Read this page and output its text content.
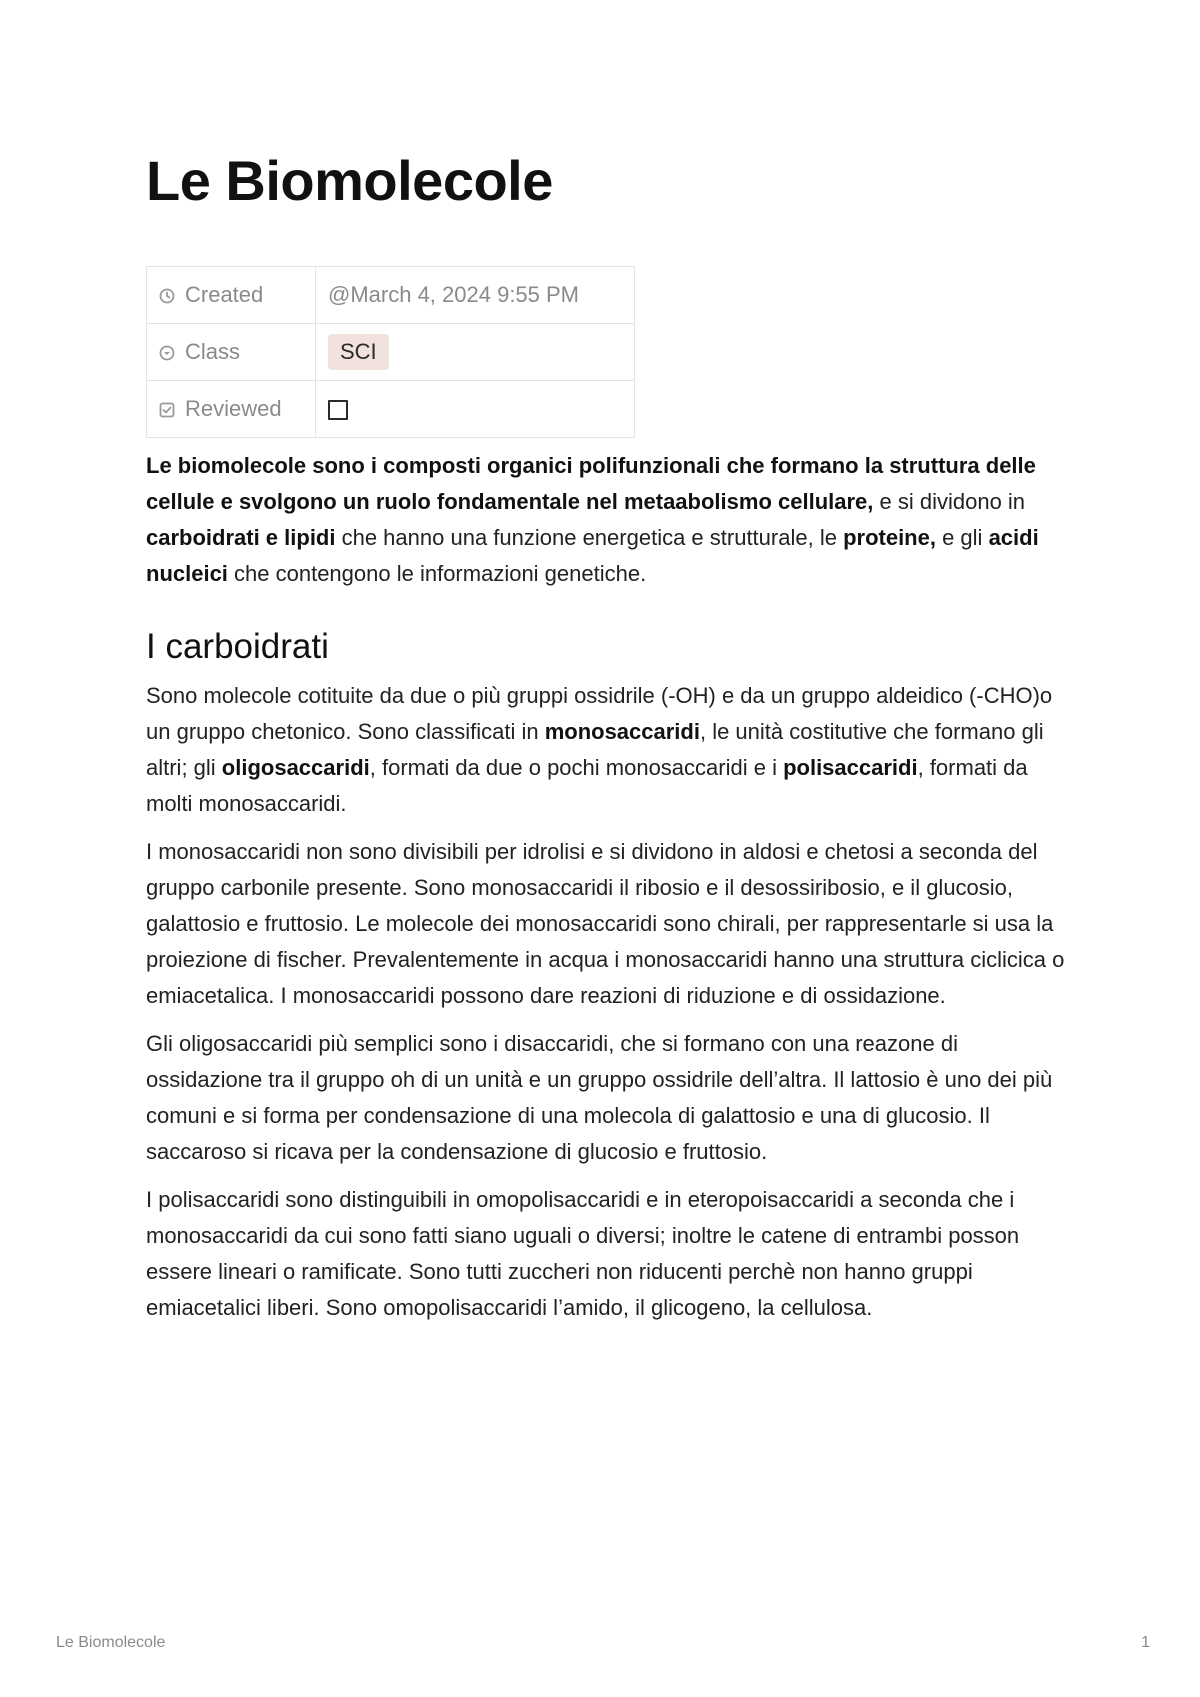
Le Biomolecole
Created	@March 4, 2024 9:55 PM
Class	SCI
Reviewed	

Le biomolecole sono i composti organici polifunzionali che formano la struttura delle cellule e svolgono un ruolo fondamentale nel metaabolismo cellulare, e si dividono in carboidrati e lipidi che hanno una funzione energetica e strutturale, le proteine, e gli acidi nucleici che contengono le informazioni genetiche.

I carboidrati

Sono molecole cotituite da due o più gruppi ossidrile (-OH) e da un gruppo aldeidico (-CHO)o un gruppo chetonico. Sono classificati in monosaccaridi, le unità costitutive che formano gli altri; gli oligosaccaridi, formati da due o pochi monosaccaridi e i polisaccaridi, formati da molti monosaccaridi.

I monosaccaridi non sono divisibili per idrolisi e si dividono in aldosi e chetosi a seconda del gruppo carbonile presente. Sono monosaccaridi il ribosio e il desossiribosio, e il glucosio, galattosio e fruttosio. Le molecole dei monosaccaridi sono chirali, per rappresentarle si usa la proiezione di fischer. Prevalentemente in acqua i monosaccaridi hanno una struttura ciclicica o emiacetalica. I monosaccaridi possono dare reazioni di riduzione e di ossidazione.

Gli oligosaccaridi più semplici sono i disaccaridi, che si formano con una reazone di ossidazione tra il gruppo oh di un unità e un gruppo ossidrile dell’altra. Il lattosio è uno dei più comuni e si forma per condensazione di una molecola di galattosio e una di glucosio. Il saccaroso si ricava per la condensazione di glucosio e fruttosio.

I polisaccaridi sono distinguibili in omopolisaccaridi e in eteropoisaccaridi a seconda che i monosaccaridi da cui sono fatti siano uguali o diversi; inoltre le catene di entrambi posson essere lineari o ramificate. Sono tutti zuccheri non riducenti perchè non hanno gruppi emiacetalici liberi. Sono omopolisaccaridi l’amido, il glicogeno, la cellulosa.

Le Biomolecole	1
